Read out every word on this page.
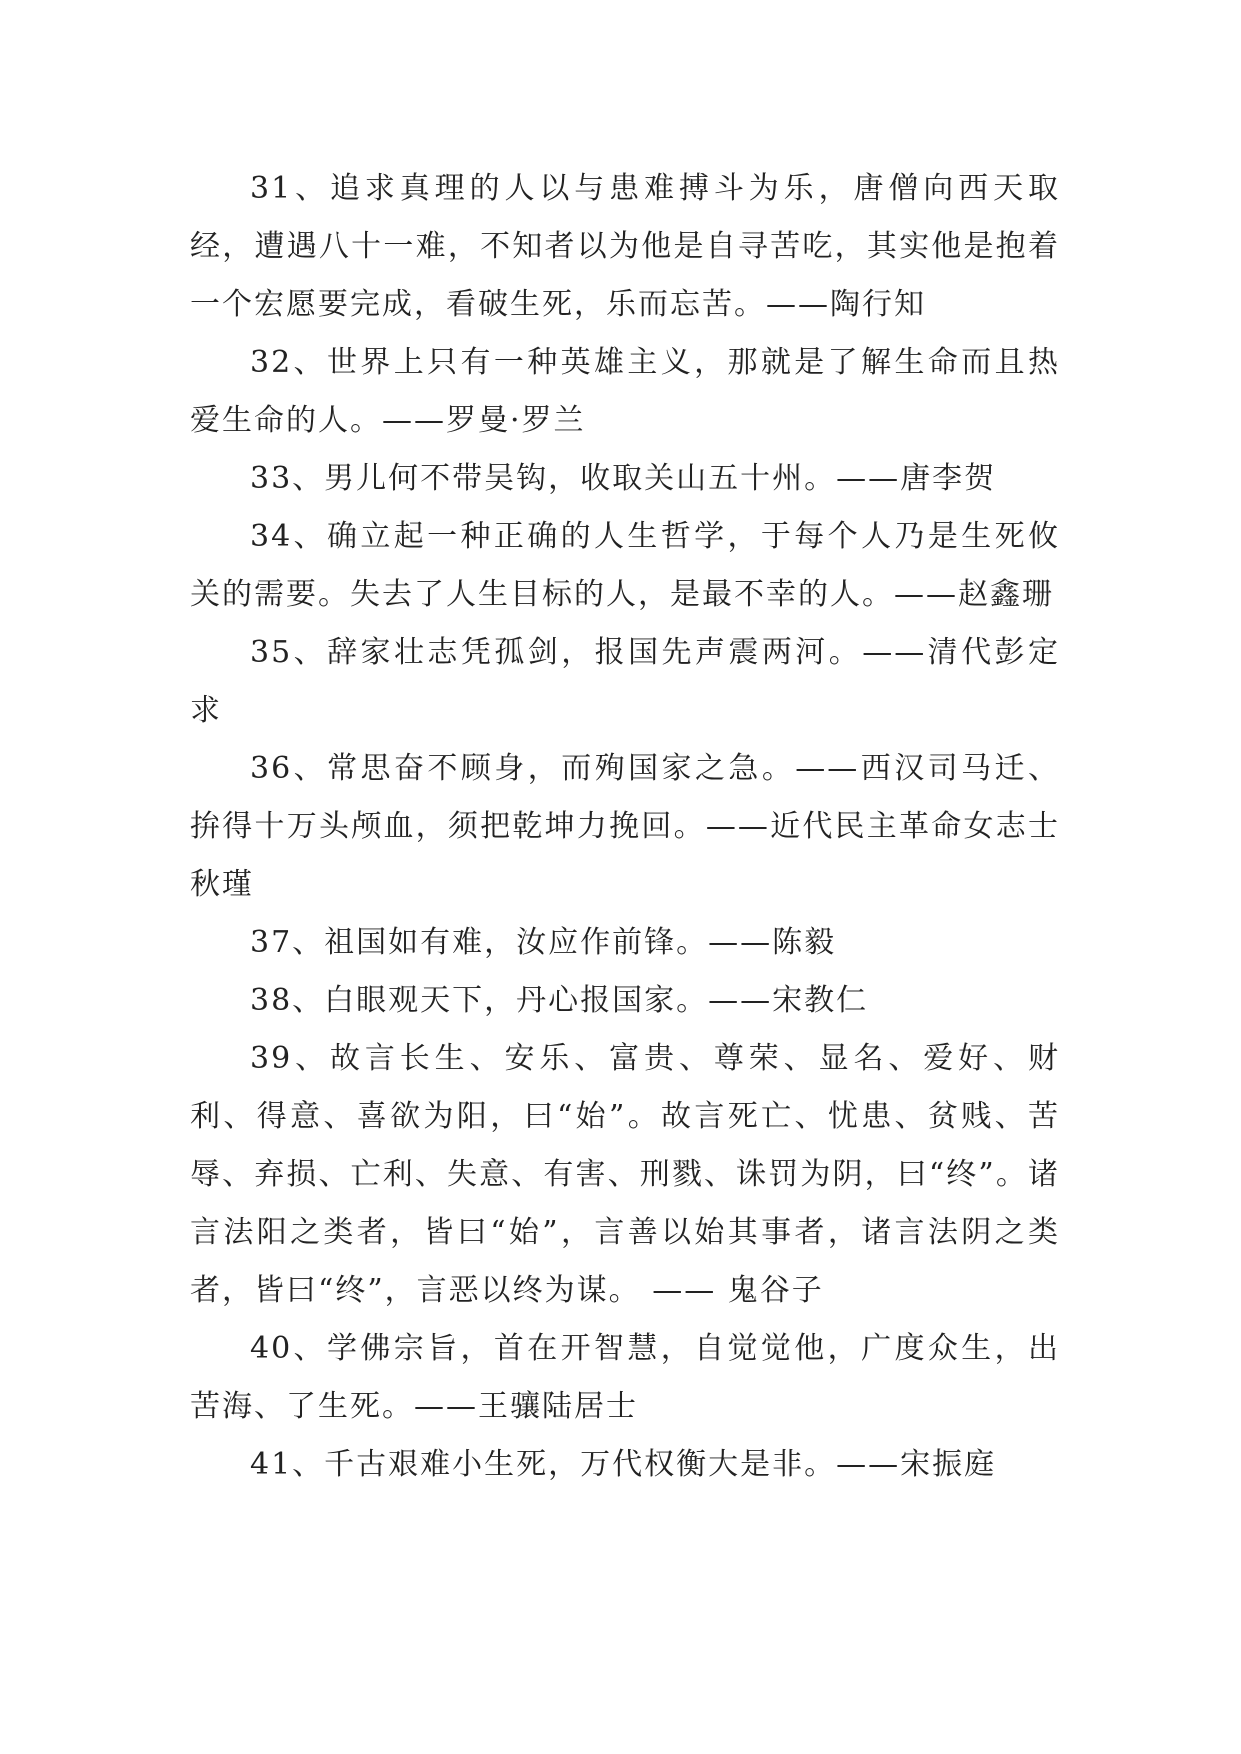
31、追求真理的人以与患难搏斗为乐，唐僧向西天取经，遭遇八十一难，不知者以为他是自寻苦吃，其实他是抱着一个宏愿要完成，看破生死，乐而忘苦。——陶行知

32、世界上只有一种英雄主义，那就是了解生命而且热爱生命的人。——罗曼·罗兰

33、男儿何不带吴钩，收取关山五十州。——唐李贺

34、确立起一种正确的人生哲学，于每个人乃是生死攸关的需要。失去了人生目标的人，是最不幸的人。——赵鑫珊

35、辞家壮志凭孤剑，报国先声震两河。——清代彭定求

36、常思奋不顾身，而殉国家之急。——西汉司马迁、拚得十万头颅血，须把乾坤力挽回。——近代民主革命女志士秋瑾

37、祖国如有难，汝应作前锋。——陈毅

38、白眼观天下，丹心报国家。——宋教仁

39、故言长生、安乐、富贵、尊荣、显名、爱好、财利、得意、喜欲为阳，曰“始”。故言死亡、忧患、贫贱、苦辱、弃损、亡利、失意、有害、刑戮、诛罚为阴，曰“终”。诸言法阳之类者，皆曰“始”，言善以始其事者，诸言法阴之类者，皆曰“终”，言恶以终为谋。 —— 鬼谷子

40、学佛宗旨，首在开智慧，自觉觉他，广度众生，出苦海、了生死。——王骧陆居士

41、千古艰难小生死，万代权衡大是非。——宋振庭
